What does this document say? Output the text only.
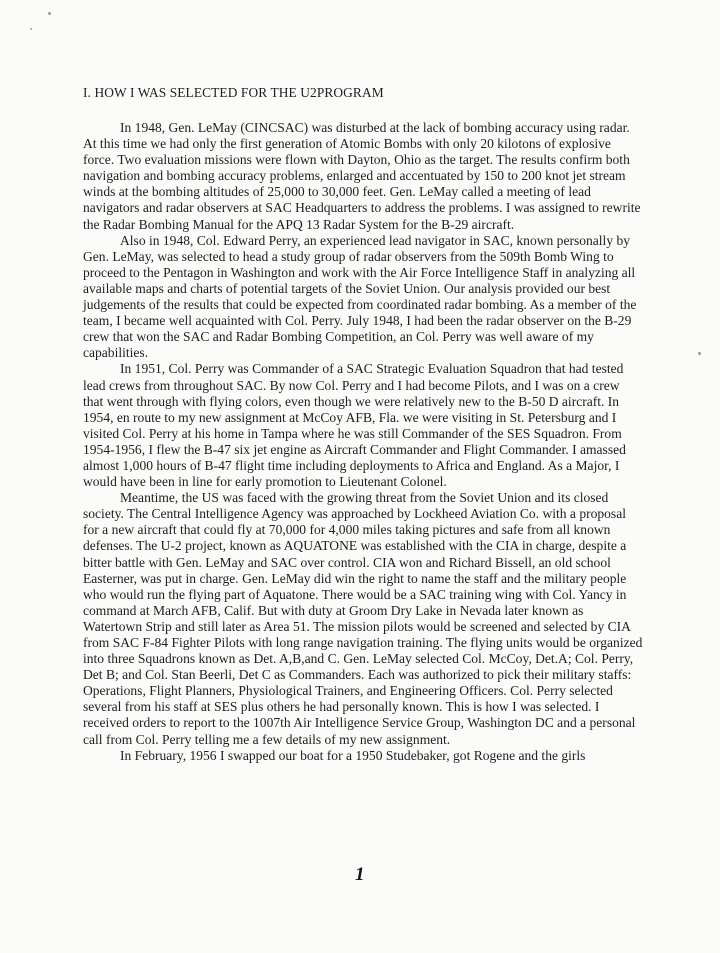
I. HOW I WAS SELECTED FOR THE U2PROGRAM

In 1948, Gen. LeMay (CINCSAC) was disturbed at the lack of bombing accuracy using radar. At this time we had only the first generation of Atomic Bombs with only 20 kilotons of explosive force. Two evaluation missions were flown with Dayton, Ohio as the target. The results confirm both navigation and bombing accuracy problems, enlarged and accentuated by 150 to 200 knot jet stream winds at the bombing altitudes of 25,000 to 30,000 feet. Gen. LeMay called a meeting of lead navigators and radar observers at SAC Headquarters to address the problems. I was assigned to rewrite the Radar Bombing Manual for the APQ 13 Radar System for the B-29 aircraft.

Also in 1948, Col. Edward Perry, an experienced lead navigator in SAC, known personally by Gen. LeMay, was selected to head a study group of radar observers from the 509th Bomb Wing to proceed to the Pentagon in Washington and work with the Air Force Intelligence Staff in analyzing all available maps and charts of potential targets of the Soviet Union. Our analysis provided our best judgements of the results that could be expected from coordinated radar bombing. As a member of the team, I became well acquainted with Col. Perry. July 1948, I had been the radar observer on the B-29 crew that won the SAC and Radar Bombing Competition, an Col. Perry was well aware of my capabilities.

In 1951, Col. Perry was Commander of a SAC Strategic Evaluation Squadron that had tested lead crews from throughout SAC. By now Col. Perry and I had become Pilots, and I was on a crew that went through with flying colors, even though we were relatively new to the B-50 D aircraft. In 1954, en route to my new assignment at McCoy AFB, Fla. we were visiting in St. Petersburg and I visited Col. Perry at his home in Tampa where he was still Commander of the SES Squadron. From 1954-1956, I flew the B-47 six jet engine as Aircraft Commander and Flight Commander. I amassed almost 1,000 hours of B-47 flight time including deployments to Africa and England. As a Major, I would have been in line for early promotion to Lieutenant Colonel.

Meantime, the US was faced with the growing threat from the Soviet Union and its closed society. The Central Intelligence Agency was approached by Lockheed Aviation Co. with a proposal for a new aircraft that could fly at 70,000 for 4,000 miles taking pictures and safe from all known defenses. The U-2 project, known as AQUATONE was established with the CIA in charge, despite a bitter battle with Gen. LeMay and SAC over control. CIA won and Richard Bissell, an old school Easterner, was put in charge. Gen. LeMay did win the right to name the staff and the military people who would run the flying part of Aquatone. There would be a SAC training wing with Col. Yancy in command at March AFB, Calif. But with duty at Groom Dry Lake in Nevada later known as Watertown Strip and still later as Area 51. The mission pilots would be screened and selected by CIA from SAC F-84 Fighter Pilots with long range navigation training. The flying units would be organized into three Squadrons known as Det. A,B,and C. Gen. LeMay selected Col. McCoy, Det.A; Col. Perry, Det B; and Col. Stan Beerli, Det C as Commanders. Each was authorized to pick their military staffs: Operations, Flight Planners, Physiological Trainers, and Engineering Officers. Col. Perry selected several from his staff at SES plus others he had personally known. This is how I was selected. I received orders to report to the 1007th Air Intelligence Service Group, Washington DC and a personal call from Col. Perry telling me a few details of my new assignment.

In February, 1956 I swapped our boat for a 1950 Studebaker, got Rogene and the girls

1
